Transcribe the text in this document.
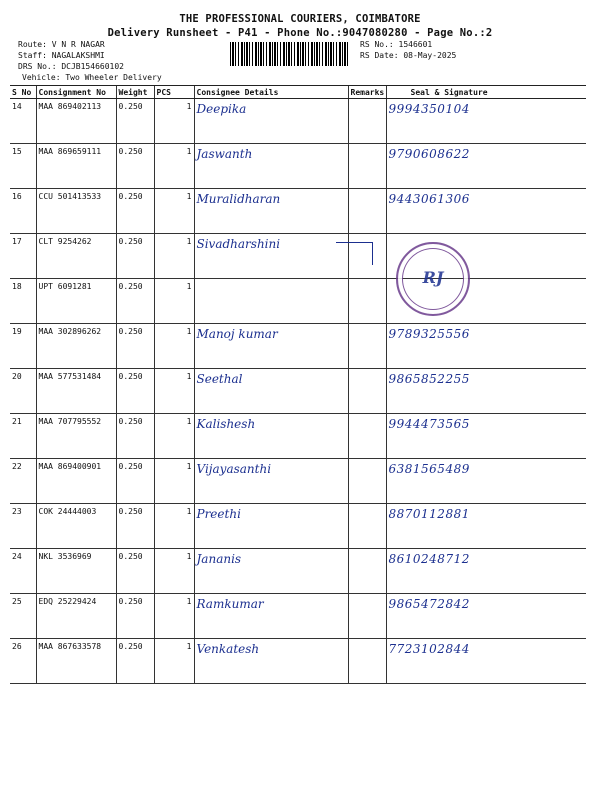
THE PROFESSIONAL COURIERS, COIMBATORE
Delivery Runsheet - P41 - Phone No.:9047080280 - Page No.:2
Route: V N R NAGAR
Staff: NAGALAKSHMI
DRS No.: DCJB154660102
Vehicle: Two Wheeler Delivery
RS No.: 1546601
RS Date: 08-May-2025
S No	Consignment No	Weight	PCS	Consignee Details	Remarks	Seal & Signature
14	MAA 869402113	0.250	1	Deepika		9994350104
15	MAA 869659111	0.250	1	Jaswanth		9790608622
16	CCU 501413533	0.250	1	Muralidharan		9443061306
17	CLT 9254262	0.250	1	Sivadharshini		
18	UPT 6091281	0.250	1			
19	MAA 302896262	0.250	1	Manoj kumar		9789325556
20	MAA 577531484	0.250	1	Seethal		9865852255
21	MAA 707795552	0.250	1	Kalishesh		9944473565
22	MAA 869400901	0.250	1	Vijayasanthi		6381565489
23	COK 24444003	0.250	1	Preethi		8870112881
24	NKL 3536969	0.250	1	Jananis		8610248712
25	EDQ 25229424	0.250	1	Ramkumar		9865472842
26	MAA 867633578	0.250	1	Venkatesh		7723102844
RJ
